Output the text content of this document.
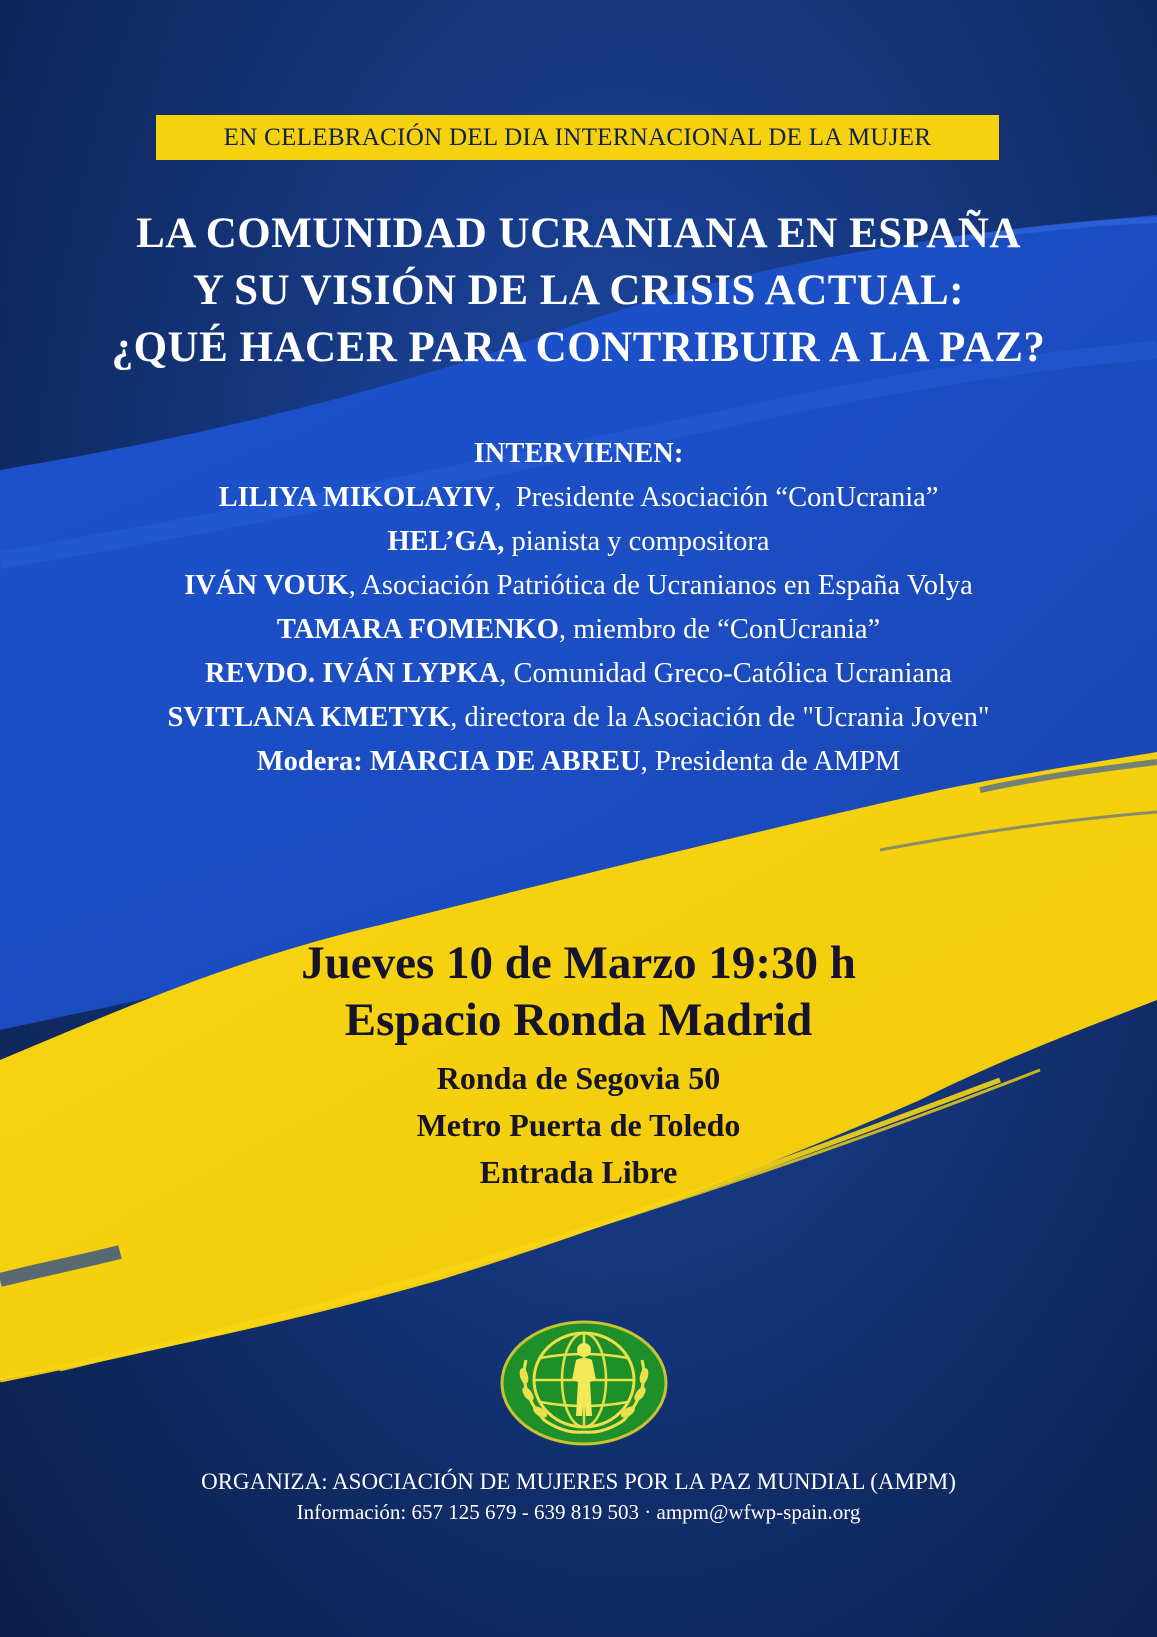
EN CELEBRACIÓN DEL DIA INTERNACIONAL DE LA MUJER
LA COMUNIDAD UCRANIANA EN ESPAÑA
Y SU VISIÓN DE LA CRISIS ACTUAL:
¿QUÉ HACER PARA CONTRIBUIR A LA PAZ?
INTERVIENEN:
LILIYA MIKOLAYIV,  Presidente Asociación “ConUcrania”
HEL’GA, pianista y compositora
IVÁN VOUK, Asociación Patriótica de Ucranianos en España Volya
TAMARA FOMENKO, miembro de “ConUcrania”
REVDO. IVÁN LYPKA, Comunidad Greco-Católica Ucraniana
SVITLANA KMETYK, directora de la Asociación de "Ucrania Joven"
Modera: MARCIA DE ABREU, Presidenta de AMPM
Jueves 10 de Marzo 19:30 h
Espacio Ronda Madrid
Ronda de Segovia 50
Metro Puerta de Toledo
Entrada Libre
ORGANIZA: ASOCIACIÓN DE MUJERES POR LA PAZ MUNDIAL (AMPM)
Información: 657 125 679 - 639 819 503 · ampm@wfwp-spain.org
